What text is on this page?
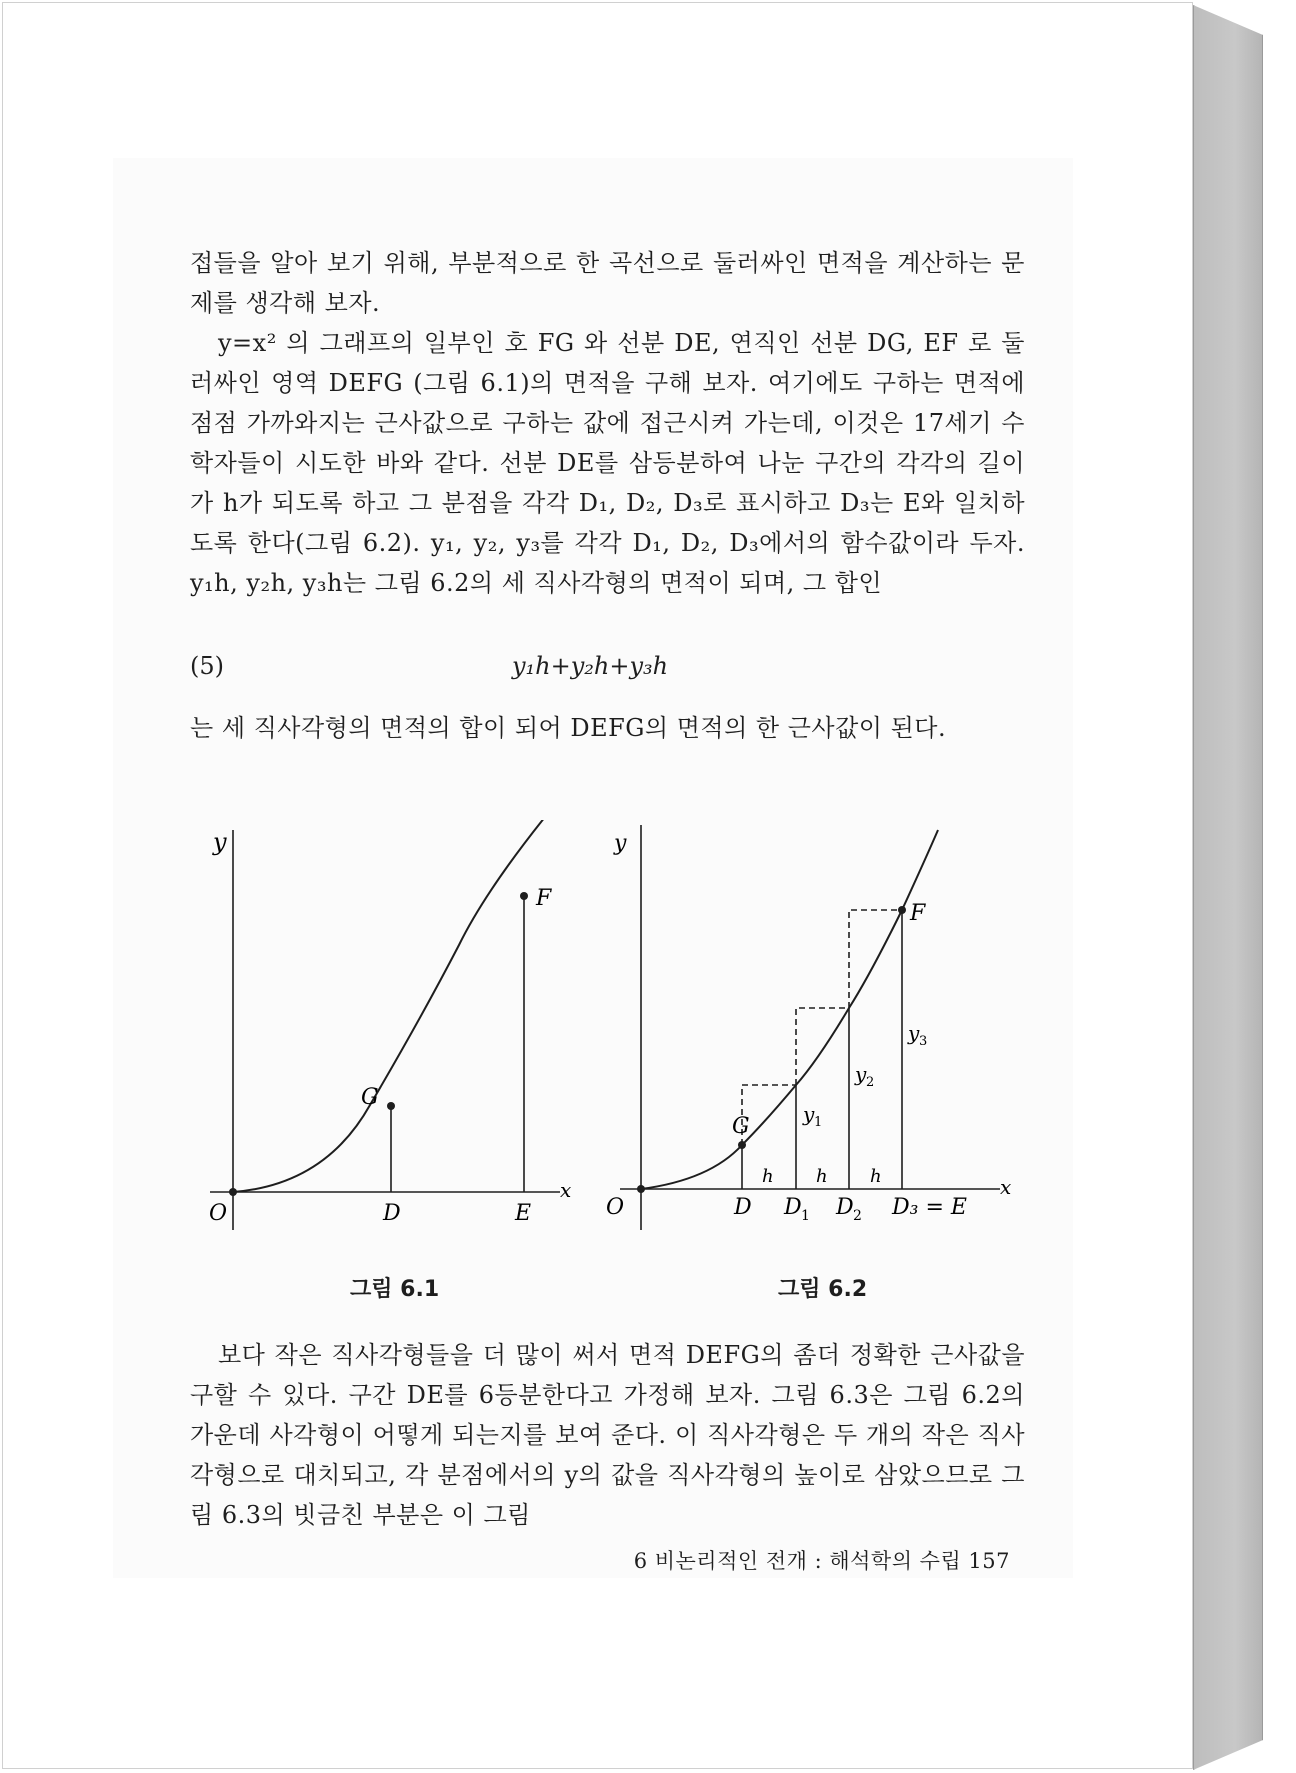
접들을 알아 보기 위해, 부분적으로 한 곡선으로 둘러싸인 면적을 계산하는 문제를 생각해 보자.

y=x² 의 그래프의 일부인 호 FG 와 선분 DE, 연직인 선분 DG, EF 로 둘러싸인 영역 DEFG (그림 6.1)의 면적을 구해 보자. 여기에도 구하는 면적에 점점 가까와지는 근사값으로 구하는 값에 접근시켜 가는데, 이것은 17세기 수학자들이 시도한 바와 같다. 선분 DE를 삼등분하여 나눈 구간의 각각의 길이가 h가 되도록 하고 그 분점을 각각 D₁, D₂, D₃로 표시하고 D₃는 E와 일치하도록 한다(그림 6.2). y₁, y₂, y₃를 각각 D₁, D₂, D₃에서의 함수값이라 두자. y₁h, y₂h, y₃h는 그림 6.2의 세 직사각형의 면적이 되며, 그 합인

(5)	y₁h+y₂h+y₃h

는 세 직사각형의 면적의 합이 되어 DEFG의 면적의 한 근사값이 된다.

y
x
O	D	E
F
G
그림 6.1
y
x
O
G
F
D D 1 D 2 D₃ = E
h h h
y 1
y 2
y 3
그림 6.2

보다 작은 직사각형들을 더 많이 써서 면적 DEFG의 좀더 정확한 근사값을 구할 수 있다. 구간 DE를 6등분한다고 가정해 보자. 그림 6.3은 그림 6.2의 가운데 사각형이 어떻게 되는지를 보여 준다. 이 직사각형은 두 개의 작은 직사각형으로 대치되고, 각 분점에서의 y의 값을 직사각형의 높이로 삼았으므로 그림 6.3의 빗금친 부분은 이 그림

6 비논리적인 전개 : 해석학의 수립 157
